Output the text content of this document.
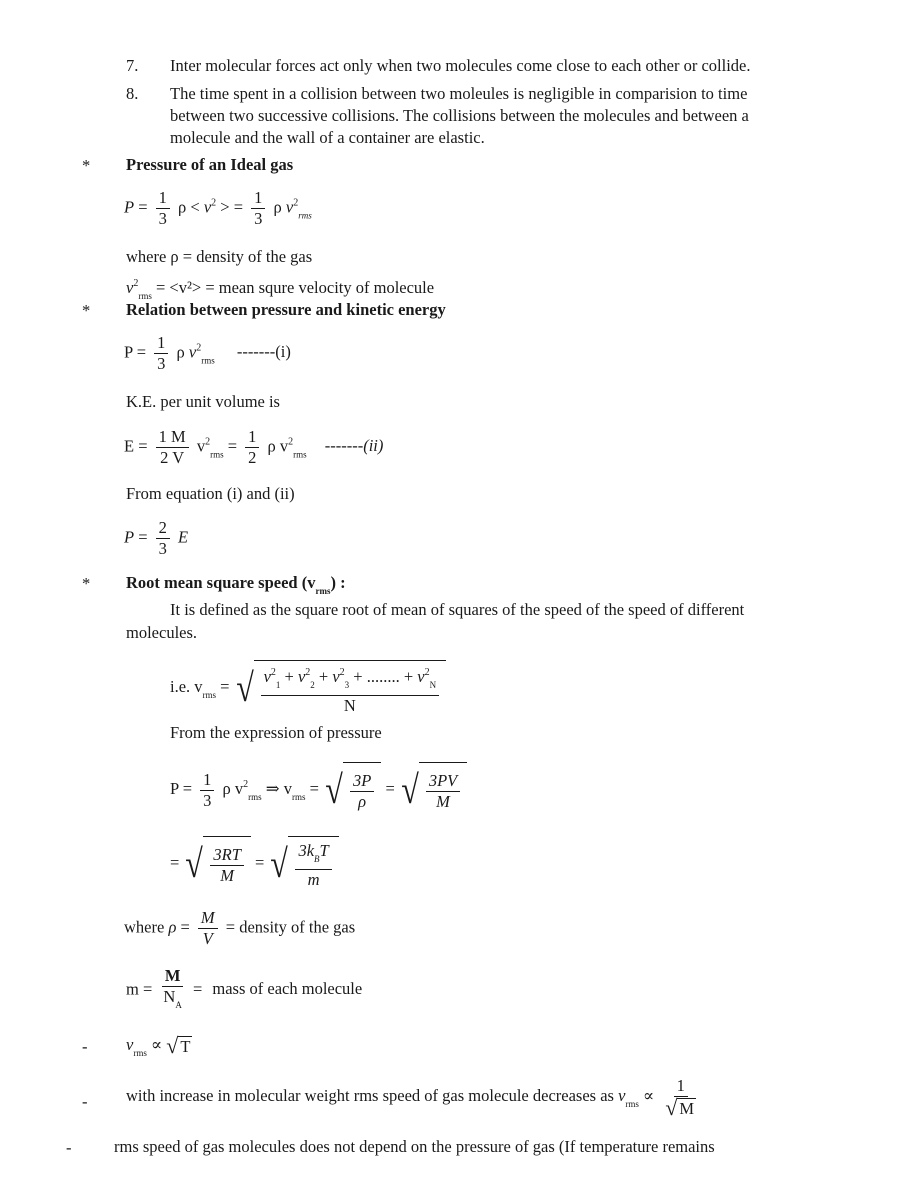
7. Inter molecular forces act only when two molecules come close to each other or collide.
8. The time spent in a collision between two moleules is negligible in comparision to time
between two successive collisions. The collisions between the molecules and between a
molecule and the wall of a container are elastic.
* Pressure of an Ideal gas
$P = \frac{1}{3}$ $\rho < v^2$ > = $\frac{1}{3}$ ρ $v^2_{rms}$
where ρ = density of the gas
$v^2_{rms} = <v^2>$ = mean squre velocity of molecule
* Relation between pressure and kinetic energy
$P = \frac{1}{3}$ ρ $v^2_{rms}$ -------(i)
K.E. per unit volume is
$E = \frac{1 M}{2 V} v^2_{rms} = \frac{1}{2}$ ρ $v^2_{rms}$ -------(ii)
From equation (i) and (ii)
$P = \frac{2}{3}$ E
* Root mean square speed $(v_{rms})$ :
It is defined as the square root of mean of squares of the speed of the speed of different
molecules.
i.e. $v_{rms}$ = √ $\frac{v^2_1 + v^2_2 + v^2_3 + ........ + v^2_N}{N}$
From the expression of pressure
$P = \frac{1}{3}$ ρ $v^2_{rms}$ ⇒ $v_{rms}$ = √ $\frac{3P}{\rho}$ = √ $\frac{3PV}{M}$
= √ $\frac{3RT}{M}$ = √ $\frac{3k_BT}{m}$
where $\rho = \frac{M}{V}$ = density of the gas
$m = \frac{M}{N_A}$ = mass of each molecule
- $v_{rms}$ ∝ √ T
- with increase in molecular weight rms speed of gas molecule decreases as $v_{rms} \propto \frac{1}{√ M}$
-	rms speed of gas molecules does not depend on the pressure of gas (If temperature remains
